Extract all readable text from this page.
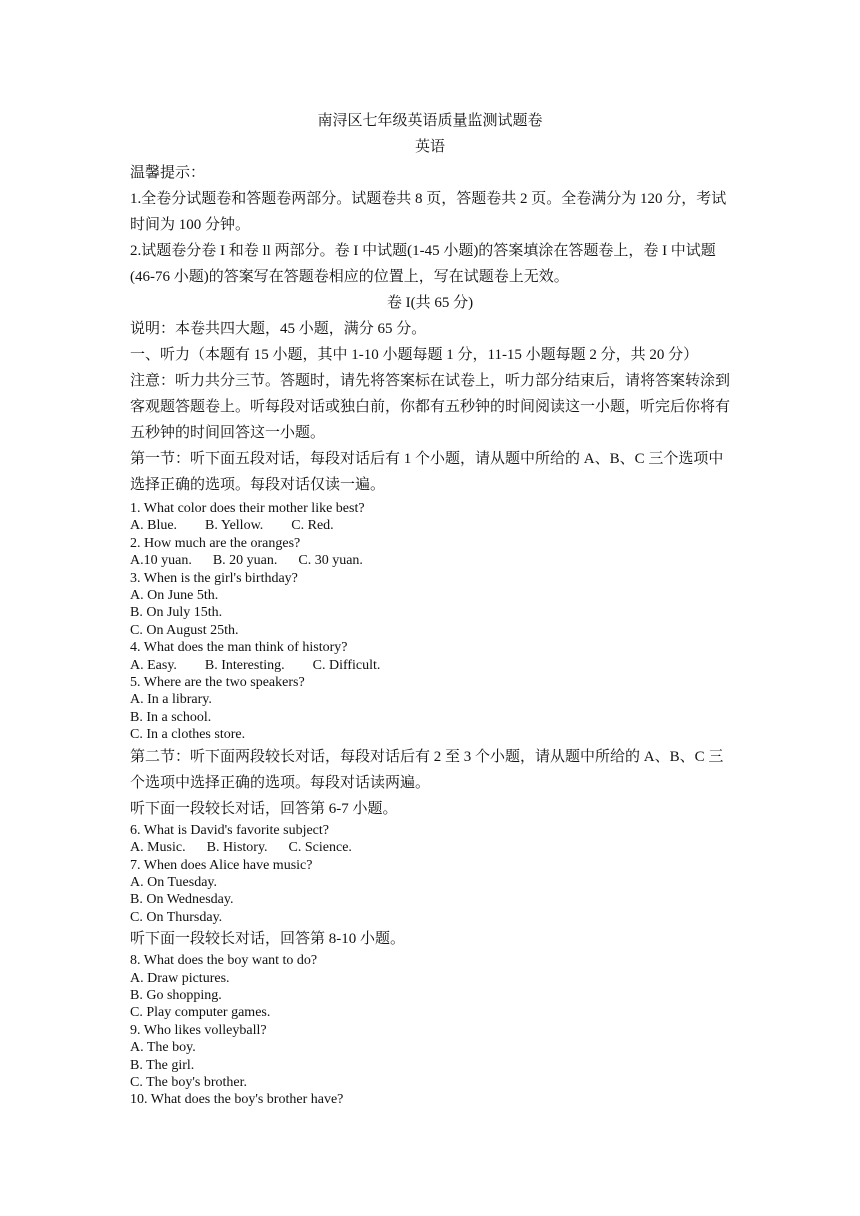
南浔区七年级英语质量监测试题卷

英语

温馨提示：

1.全卷分试题卷和答题卷两部分。试题卷共 8 页，答题卷共 2 页。全卷满分为 120 分，考试

时间为 100 分钟。

2.试题卷分卷 I 和卷 ll 两部分。卷 I 中试题(1-45 小题)的答案填涂在答题卷上，卷 I 中试题

(46-76 小题)的答案写在答题卷相应的位置上，写在试题卷上无效。

卷 I(共 65 分)

说明：本卷共四大题，45 小题，满分 65 分。

一、听力（本题有 15 小题，其中 1-10 小题每题 1 分，11-15 小题每题 2 分，共 20 分）

注意：听力共分三节。答题时，请先将答案标在试卷上，听力部分结束后，请将答案转涂到

客观题答题卷上。听每段对话或独白前，你都有五秒钟的时间阅读这一小题，听完后你将有

五秒钟的时间回答这一小题。

第一节：听下面五段对话，每段对话后有 1 个小题，请从题中所给的 A、B、C 三个选项中

选择正确的选项。每段对话仅读一遍。

1. What color does their mother like best?

A. Blue.        B. Yellow.        C. Red.

2. How much are the oranges?

A.10 yuan.      B. 20 yuan.      C. 30 yuan.

3. When is the girl's birthday?

A. On June 5th.

B. On July 15th.

C. On August 25th.

4. What does the man think of history?

A. Easy.        B. Interesting.        C. Difficult.

5. Where are the two speakers?

A. In a library.

B. In a school.

C. In a clothes store.

第二节：听下面两段较长对话，每段对话后有 2 至 3 个小题，请从题中所给的 A、B、C 三

个选项中选择正确的选项。每段对话读两遍。

听下面一段较长对话，回答第 6-7 小题。

6. What is David's favorite subject?

A. Music.      B. History.      C. Science.

7. When does Alice have music?

A. On Tuesday.

B. On Wednesday.

C. On Thursday.

听下面一段较长对话，回答第 8-10 小题。

8. What does the boy want to do?

A. Draw pictures.

B. Go shopping.

C. Play computer games.

9. Who likes volleyball?

A. The boy.

B. The girl.

C. The boy's brother.

10. What does the boy's brother have?
